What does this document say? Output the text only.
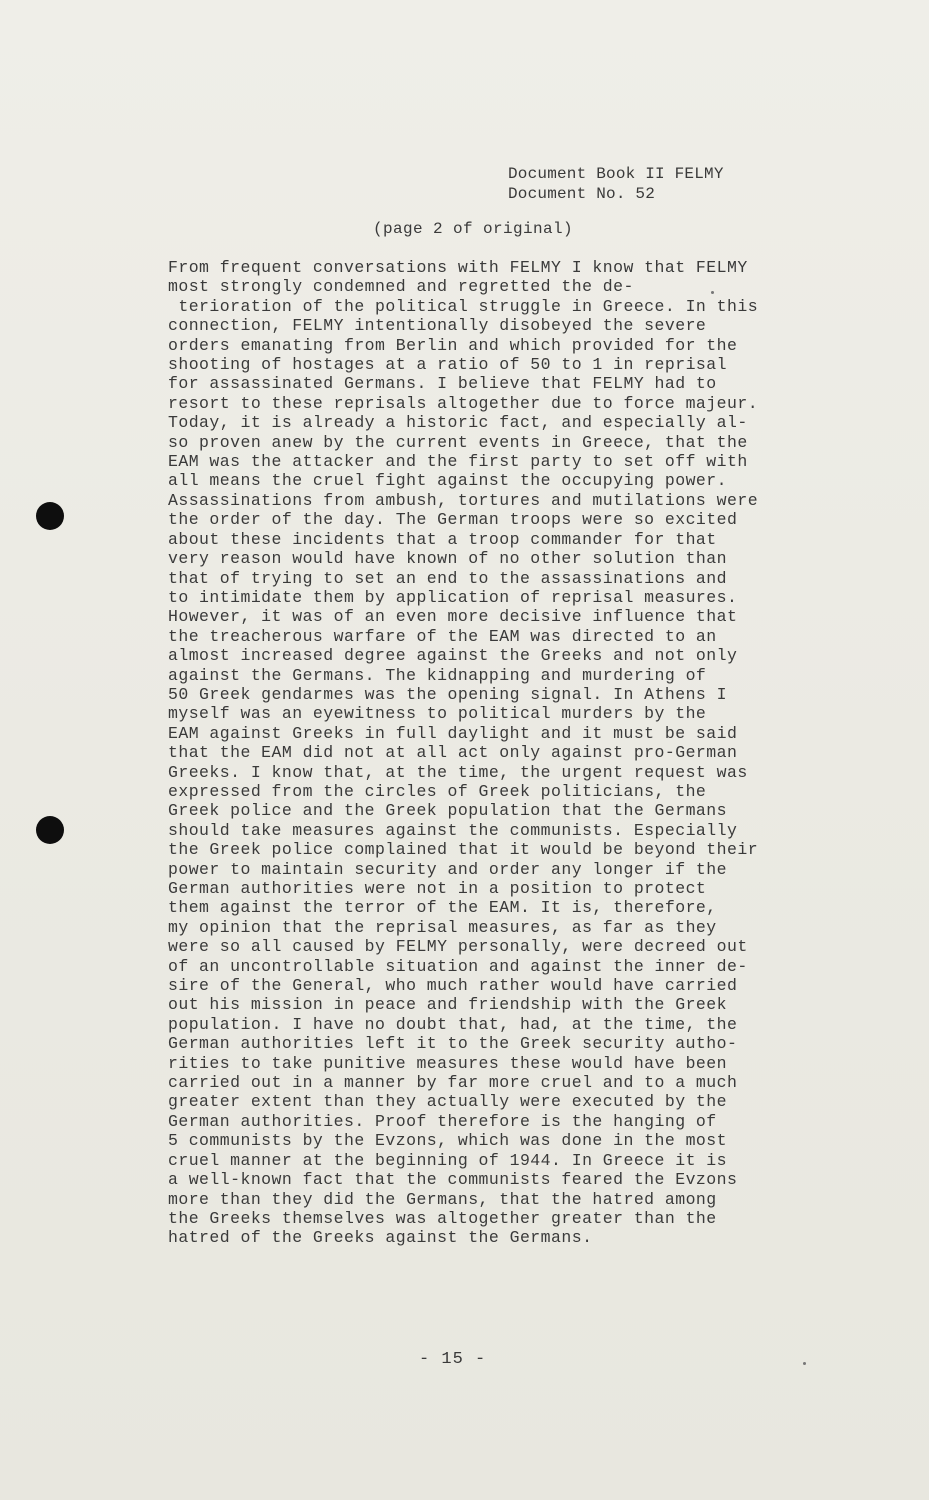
Document Book II FELMY
Document No. 52
(page 2 of original)
From frequent conversations with FELMY I know that FELMY
most strongly condemned and regretted the de-
terioration of the political struggle in Greece. In this
connection, FELMY intentionally disobeyed the severe
orders emanating from Berlin and which provided for the
shooting of hostages at a ratio of 50 to 1 in reprisal
for assassinated Germans. I believe that FELMY had to
resort to these reprisals altogether due to force majeur.
Today, it is already a historic fact, and especially al-
so proven anew by the current events in Greece, that the
EAM was the attacker and the first party to set off with
all means the cruel fight against the occupying power.
Assassinations from ambush, tortures and mutilations were
the order of the day. The German troops were so excited
about these incidents that a troop commander for that
very reason would have known of no other solution than
that of trying to set an end to the assassinations and
to intimidate them by application of reprisal measures.
However, it was of an even more decisive influence that
the treacherous warfare of the EAM was directed to an
almost increased degree against the Greeks and not only
against the Germans. The kidnapping and murdering of
50 Greek gendarmes was the opening signal. In Athens I
myself was an eyewitness to political murders by the
EAM against Greeks in full daylight and it must be said
that the EAM did not at all act only against pro-German
Greeks. I know that, at the time, the urgent request was
expressed from the circles of Greek politicians, the
Greek police and the Greek population that the Germans
should take measures against the communists. Especially
the Greek police complained that it would be beyond their
power to maintain security and order any longer if the
German authorities were not in a position to protect
them against the terror of the EAM. It is, therefore,
my opinion that the reprisal measures, as far as they
were so all caused by FELMY personally, were decreed out
of an uncontrollable situation and against the inner de-
sire of the General, who much rather would have carried
out his mission in peace and friendship with the Greek
population. I have no doubt that, had, at the time, the
German authorities left it to the Greek security autho-
rities to take punitive measures these would have been
carried out in a manner by far more cruel and to a much
greater extent than they actually were executed by the
German authorities. Proof therefore is the hanging of
5 communists by the Evzons, which was done in the most
cruel manner at the beginning of 1944. In Greece it is
a well-known fact that the communists feared the Evzons
more than they did the Germans, that the hatred among
the Greeks themselves was altogether greater than the
hatred of the Greeks against the Germans.
- 15 -
